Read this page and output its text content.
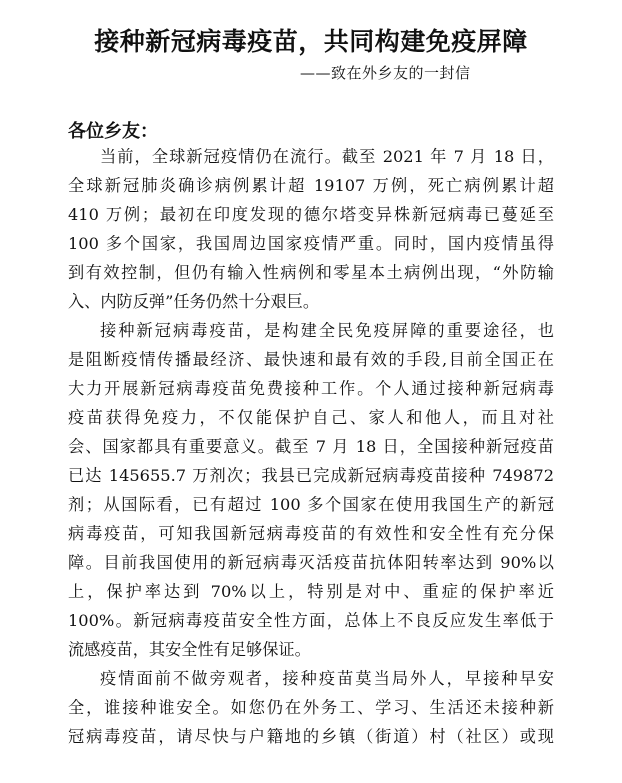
接种新冠病毒疫苗，共同构建免疫屏障
——致在外乡友的一封信
各位乡友：
当前，全球新冠疫情仍在流行。截至 2021 年 7 月 18 日，
全球新冠肺炎确诊病例累计超 19107 万例，死亡病例累计超
410 万例；最初在印度发现的德尔塔变异株新冠病毒已蔓延至
100 多个国家，我国周边国家疫情严重。同时，国内疫情虽得
到有效控制，但仍有输入性病例和零星本土病例出现，“外防输
入、内防反弹”任务仍然十分艰巨。
接种新冠病毒疫苗，是构建全民免疫屏障的重要途径，也
是阻断疫情传播最经济、最快速和最有效的手段,目前全国正在
大力开展新冠病毒疫苗免费接种工作。个人通过接种新冠病毒
疫苗获得免疫力，不仅能保护自己、家人和他人，而且对社
会、国家都具有重要意义。截至 7 月 18 日，全国接种新冠疫苗
已达 145655.7 万剂次；我县已完成新冠病毒疫苗接种 749872
剂；从国际看，已有超过 100 多个国家在使用我国生产的新冠
病毒疫苗，可知我国新冠病毒疫苗的有效性和安全性有充分保
障。目前我国使用的新冠病毒灭活疫苗抗体阳转率达到 90%以
上，保护率达到 70%以上，特别是对中、重症的保护率近
100%。新冠病毒疫苗安全性方面，总体上不良反应发生率低于
流感疫苗，其安全性有足够保证。
疫情面前不做旁观者，接种疫苗莫当局外人，早接种早安
全，谁接种谁安全。如您仍在外务工、学习、生活还未接种新
冠病毒疫苗，请尽快与户籍地的乡镇（街道）村（社区）或现
